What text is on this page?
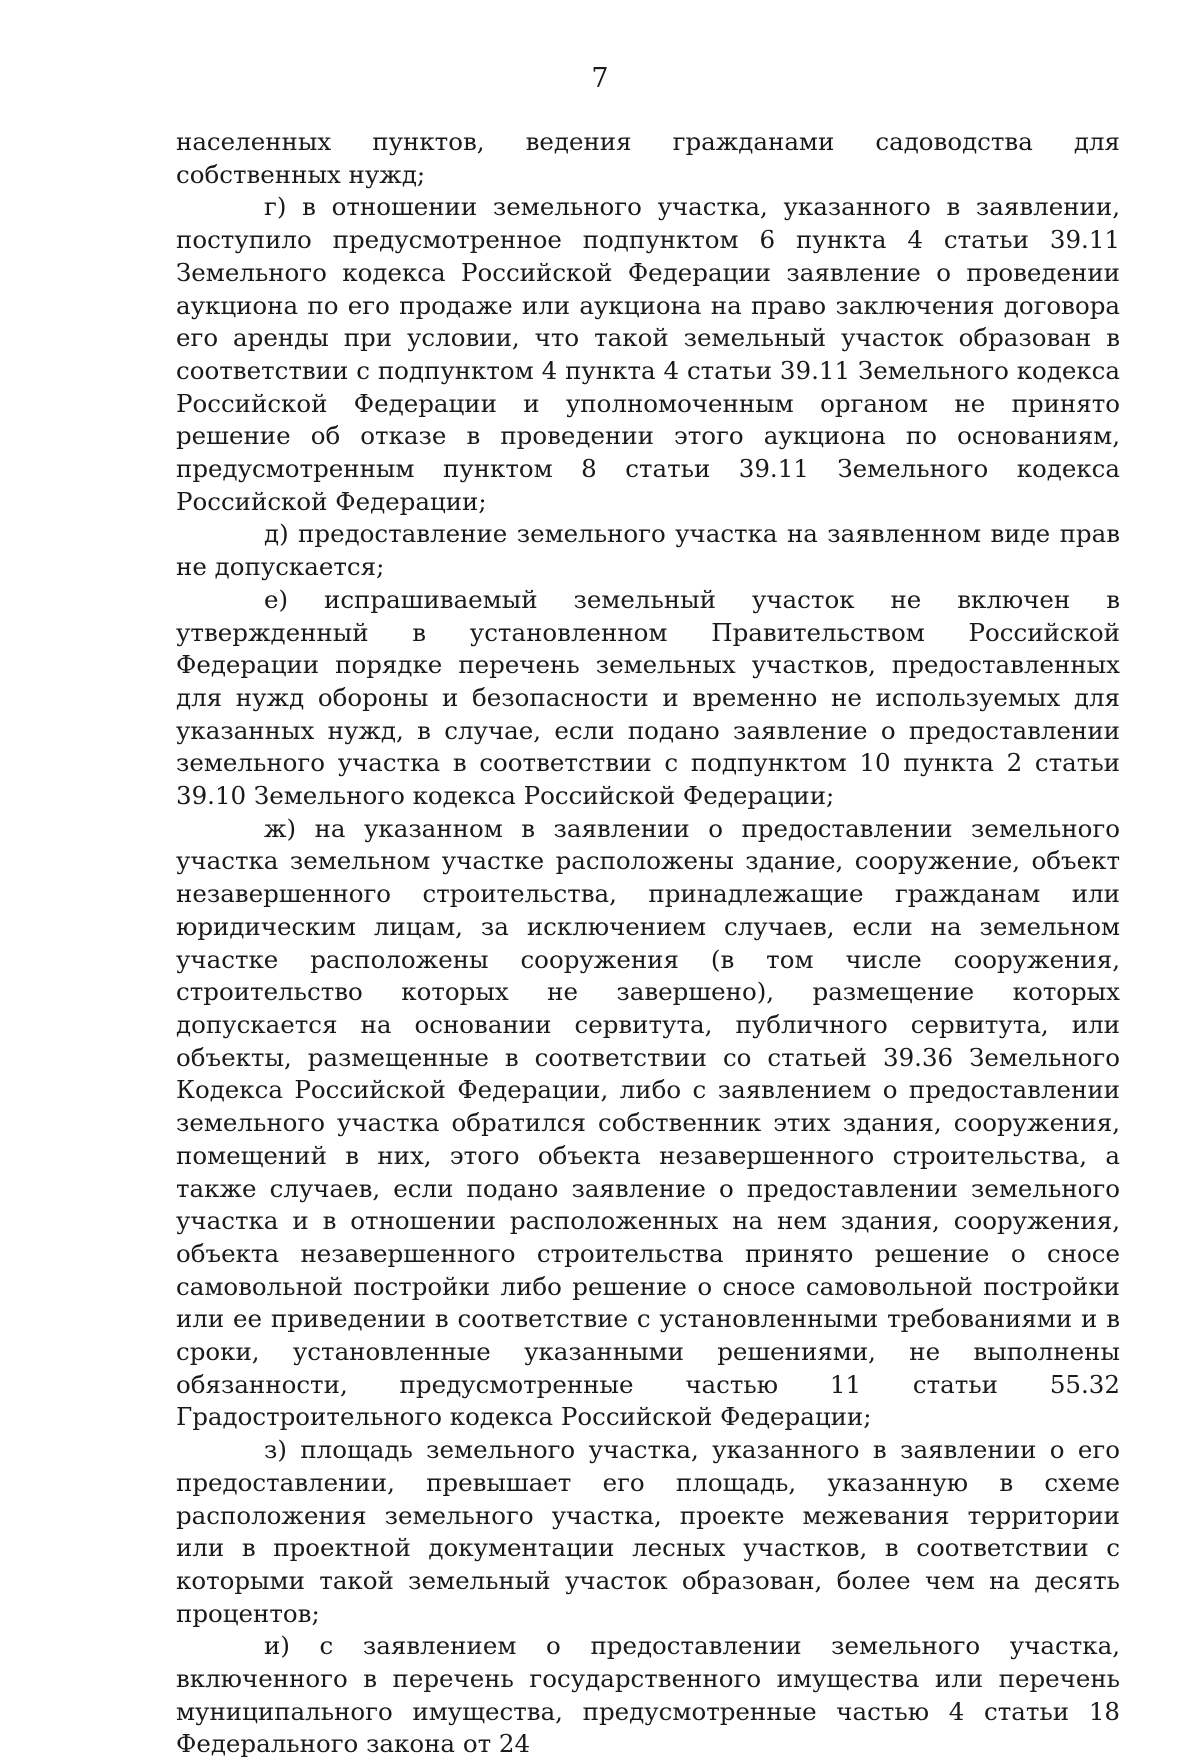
7

населенных пунктов, ведения гражданами садоводства для собственных нужд;

г) в отношении земельного участка, указанного в заявлении, поступило предусмотренное подпунктом 6 пункта 4 статьи 39.11 Земельного кодекса Российской Федерации заявление о проведении аукциона по его продаже или аукциона на право заключения договора его аренды при условии, что такой земельный участок образован в соответствии с подпунктом 4 пункта 4 статьи 39.11 Земельного кодекса Российской Федерации и уполномоченным органом не принято решение об отказе в проведении этого аукциона по основаниям, предусмотренным пунктом 8 статьи 39.11 Земельного кодекса Российской Федерации;

д) предоставление земельного участка на заявленном виде прав не допускается;

е) испрашиваемый земельный участок не включен в утвержденный в установленном Правительством Российской Федерации порядке перечень земельных участков, предоставленных для нужд обороны и безопасности и временно не используемых для указанных нужд, в случае, если подано заявление о предоставлении земельного участка в соответствии с подпунктом 10 пункта 2 статьи 39.10 Земельного кодекса Российской Федерации;

ж) на указанном в заявлении о предоставлении земельного участка земельном участке расположены здание, сооружение, объект незавершенного строительства, принадлежащие гражданам или юридическим лицам, за исключением случаев, если на земельном участке расположены сооружения (в том числе сооружения, строительство которых не завершено), размещение которых допускается на основании сервитута, публичного сервитута, или объекты, размещенные в соответствии со статьей 39.36 Земельного Кодекса Российской Федерации, либо с заявлением о предоставлении земельного участка обратился собственник этих здания, сооружения, помещений в них, этого объекта незавершенного строительства, а также случаев, если подано заявление о предоставлении земельного участка и в отношении расположенных на нем здания, сооружения, объекта незавершенного строительства принято решение о сносе самовольной постройки либо решение о сносе самовольной постройки или ее приведении в соответствие с установленными требованиями и в сроки, установленные указанными решениями, не выполнены обязанности, предусмотренные частью 11 статьи 55.32 Градостроительного кодекса Российской Федерации;

з) площадь земельного участка, указанного в заявлении о его предоставлении, превышает его площадь, указанную в схеме расположения земельного участка, проекте межевания территории или в проектной документации лесных участков, в соответствии с которыми такой земельный участок образован, более чем на десять процентов;

и) с заявлением о предоставлении земельного участка, включенного в перечень государственного имущества или перечень муниципального имущества, предусмотренные частью 4 статьи 18 Федерального закона от 24
